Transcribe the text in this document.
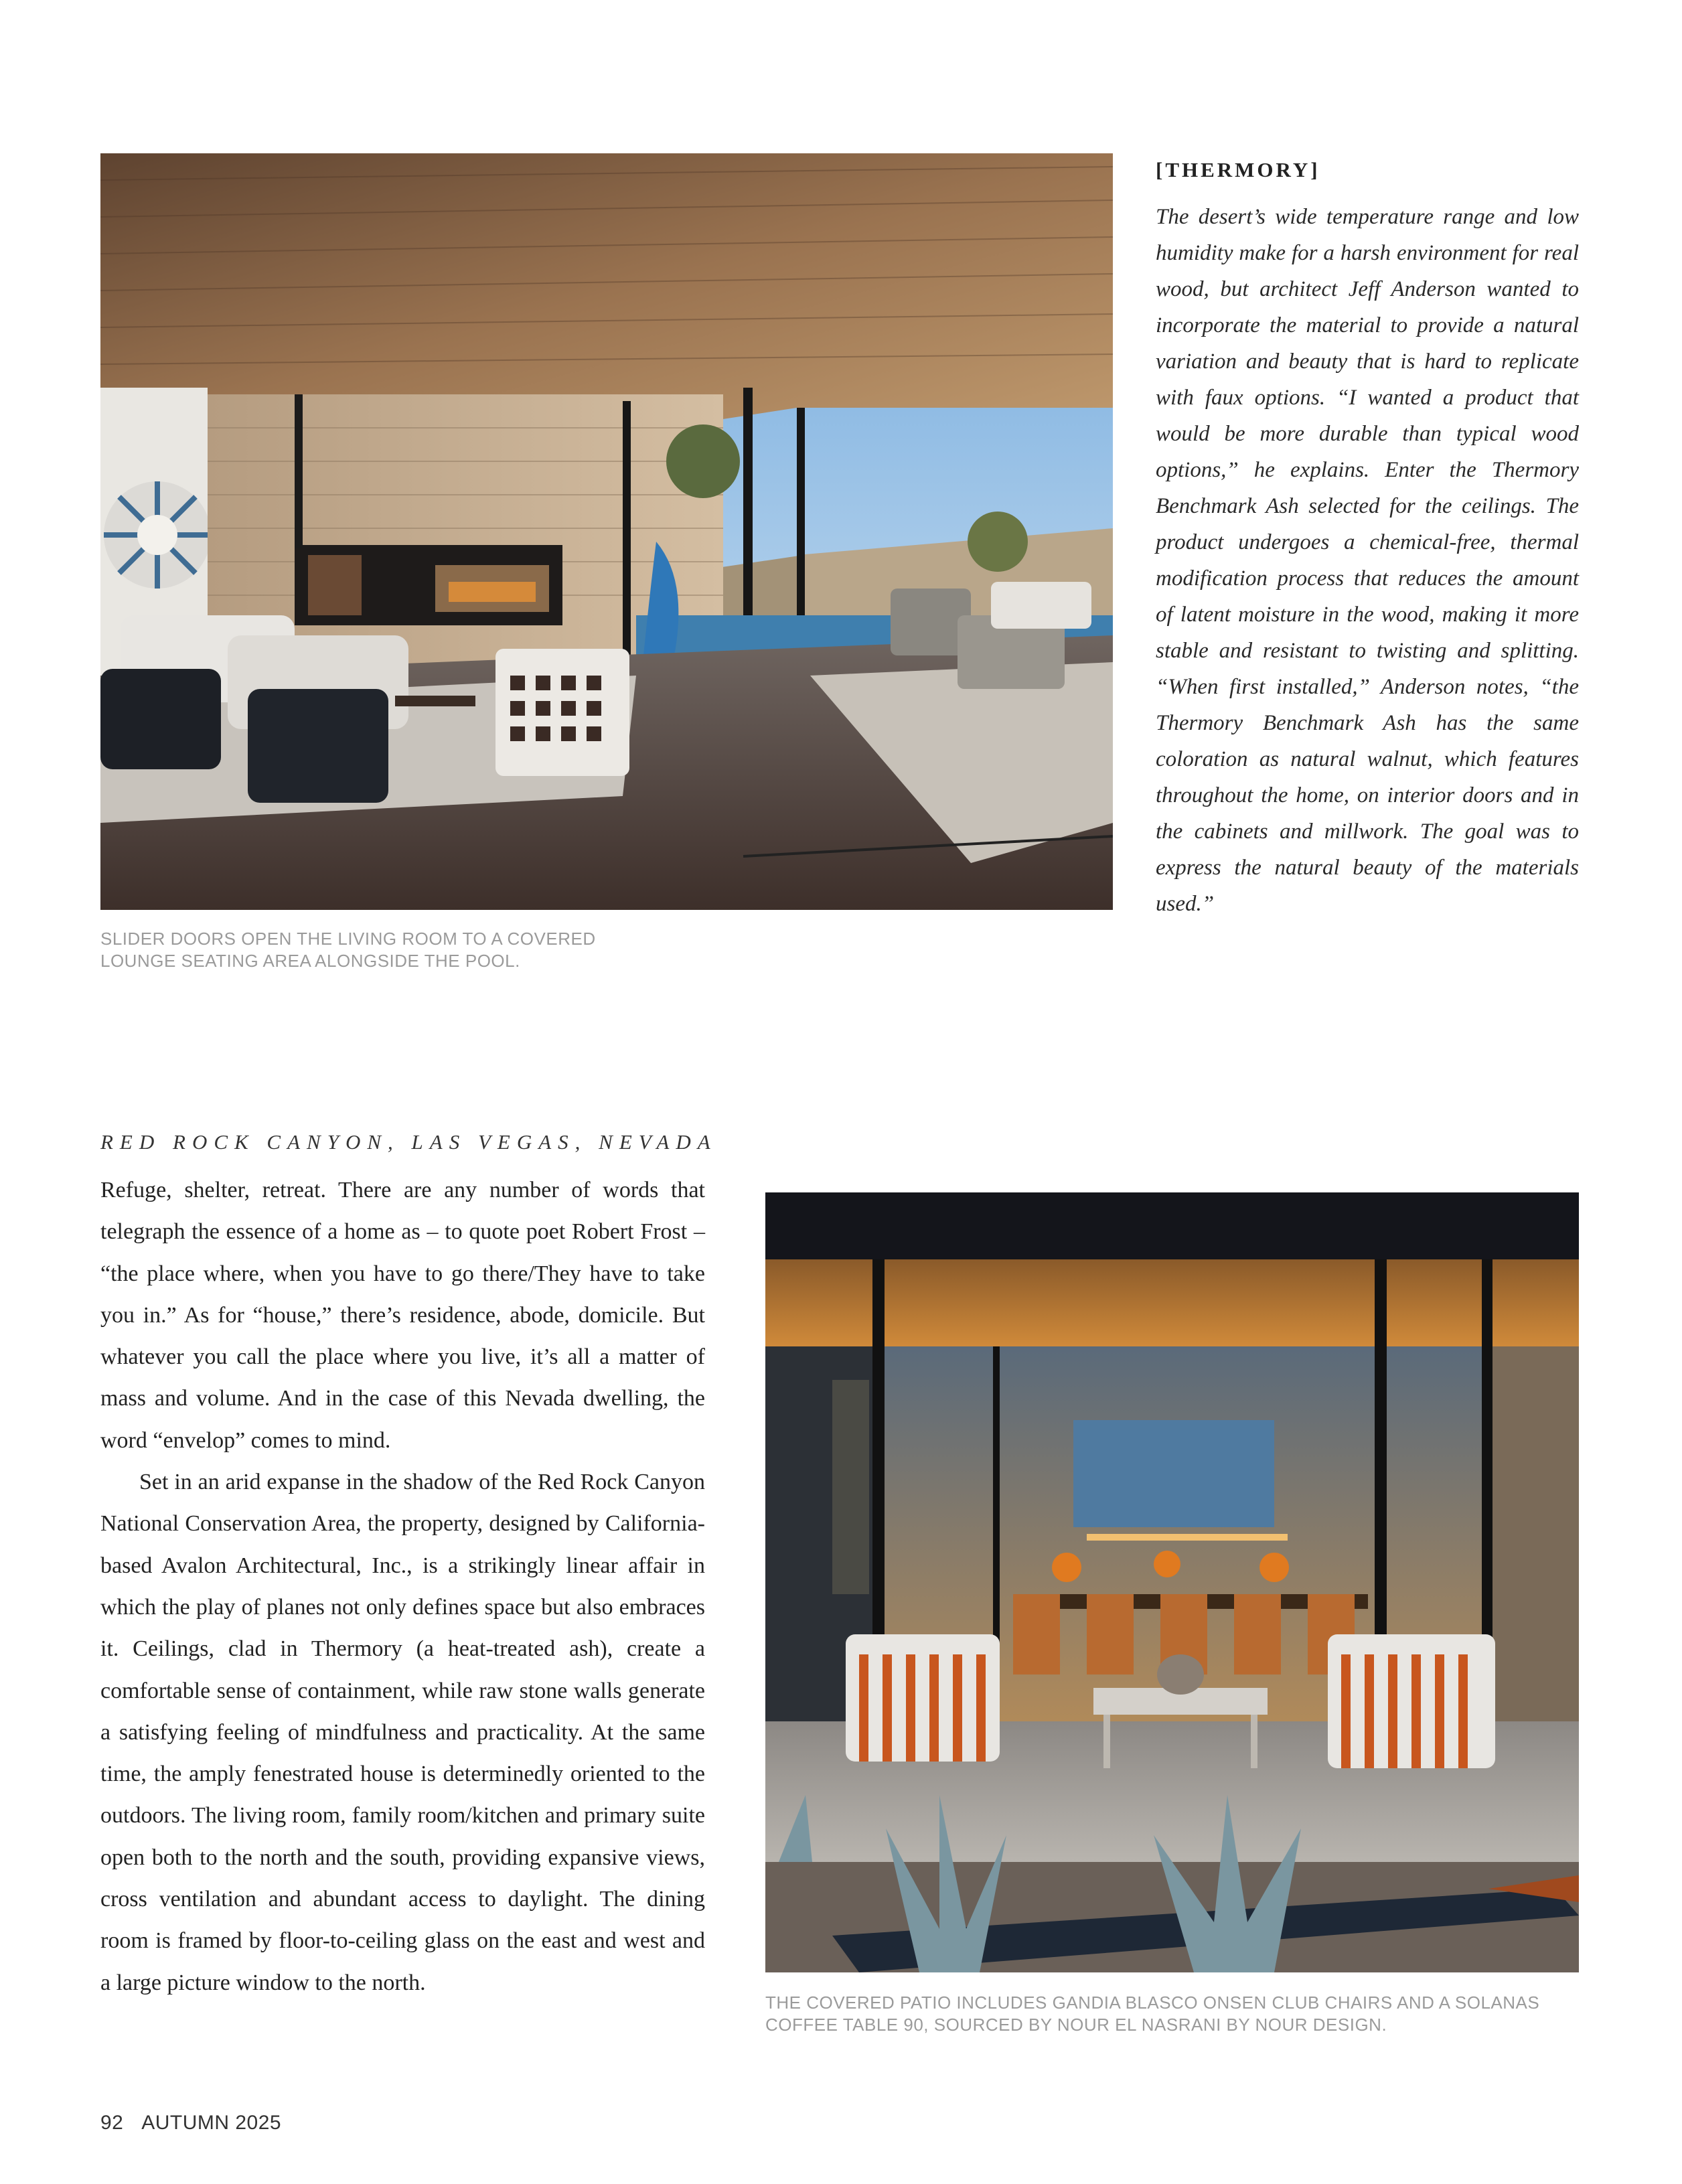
SLIDER DOORS OPEN THE LIVING ROOM TO A COVERED LOUNGE SEATING AREA ALONGSIDE THE POOL.
[THERMORY]
The desert’s wide temperature range and low humidity make for a harsh environment for real wood, but architect Jeff Anderson wanted to incorporate the material to provide a natural variation and beauty that is hard to replicate with faux options. “I wanted a product that would be more durable than typical wood options,” he explains. Enter the Thermory Benchmark Ash selected for the ceilings. The product undergoes a chemical-free, thermal modification process that reduces the amount of latent moisture in the wood, making it more stable and resistant to twisting and splitting. “When first installed,” Anderson notes, “the Thermory Benchmark Ash has the same coloration as natural walnut, which features throughout the home, on interior doors and in the cabinets and millwork. The goal was to express the natural beauty of the materials used.”
RED ROCK CANYON, LAS VEGAS, NEVADA

Refuge, shelter, retreat. There are any number of words that telegraph the essence of a home as – to quote poet Robert Frost – “the place where, when you have to go there/They have to take you in.” As for “house,” there’s residence, abode, domicile. But whatever you call the place where you live, it’s all a matter of mass and volume. And in the case of this Nevada dwelling, the word “envelop” comes to mind.

Set in an arid expanse in the shadow of the Red Rock Canyon National Conservation Area, the property, designed by California-based Avalon Architectural, Inc., is a strikingly linear affair in which the play of planes not only defines space but also embraces it. Ceilings, clad in Thermory (a heat-treated ash), create a comfortable sense of containment, while raw stone walls generate a satisfying feeling of mindfulness and practicality. At the same time, the amply fenestrated house is determinedly oriented to the outdoors. The living room, family room/kitchen and primary suite open both to the north and the south, providing expansive views, cross ventilation and abundant access to daylight. The dining room is framed by floor-to-ceiling glass on the east and west and a large picture window to the north.

THE COVERED PATIO INCLUDES GANDIA BLASCO ONSEN CLUB CHAIRS AND A SOLANAS COFFEE TABLE 90, SOURCED BY NOUR EL NASRANI BY NOUR DESIGN.
92 AUTUMN 2025
